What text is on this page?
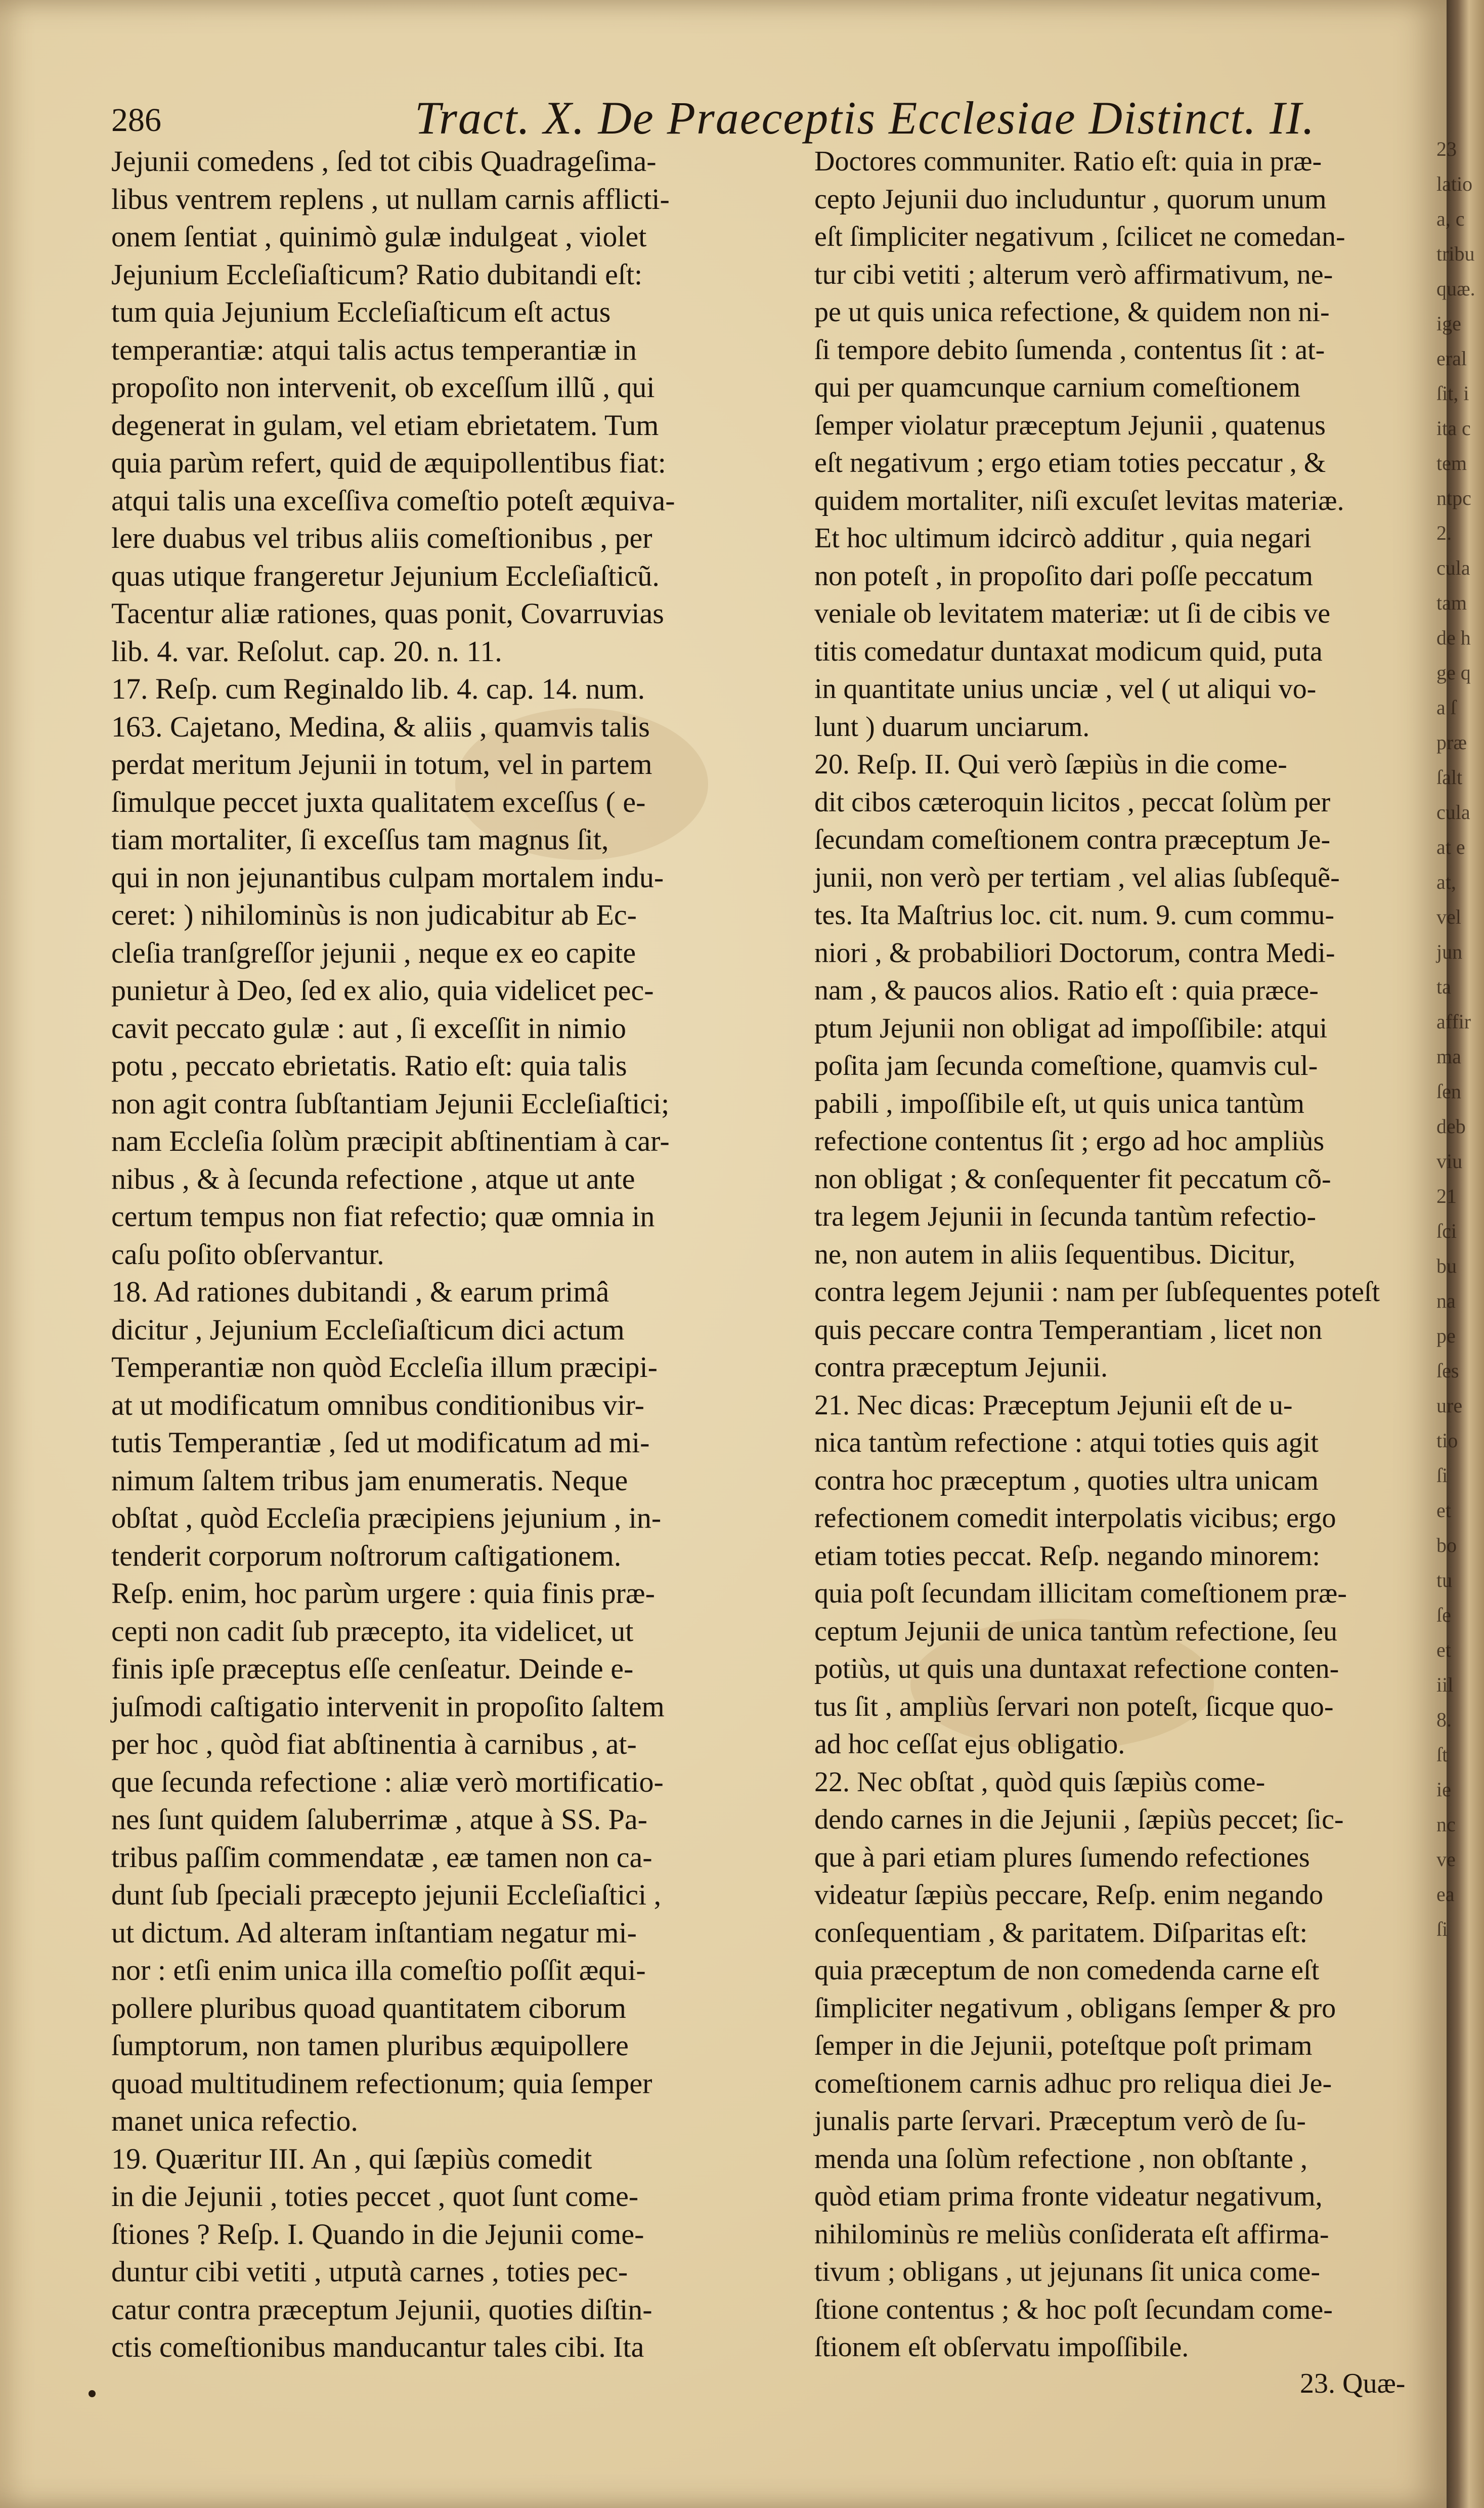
286	Tract. X. De Praeceptis Ecclesiae Distinct. II.
Jejunii comedens , ſed tot cibis Quadrageſima-
libus ventrem replens , ut nullam carnis afflicti-
onem ſentiat , quinimò gulæ indulgeat , violet
Jejunium Eccleſiaſticum? Ratio dubitandi eſt:
tum quia Jejunium Eccleſiaſticum eſt actus
temperantiæ: atqui talis actus temperantiæ in
propoſito non intervenit, ob exceſſum illũ , qui
degenerat in gulam, vel etiam ebrietatem. Tum
quia parùm refert, quid de æquipollentibus fiat:
atqui talis una exceſſiva comeſtio poteſt æquiva-
lere duabus vel tribus aliis comeſtionibus , per
quas utique frangeretur Jejunium Eccleſiaſticũ.
Tacentur aliæ rationes, quas ponit, Covarruvias
lib. 4. var. Reſolut. cap. 20. n. 11.
17. Reſp. cum Reginaldo lib. 4. cap. 14. num.
163. Cajetano, Medina, & aliis , quamvis talis
perdat meritum Jejunii in totum, vel in partem
ſimulque peccet juxta qualitatem exceſſus ( e-
tiam mortaliter, ſi exceſſus tam magnus ſit,
qui in non jejunantibus culpam mortalem indu-
ceret: ) nihilominùs is non judicabitur ab Ec-
cleſia tranſgreſſor jejunii , neque ex eo capite
punietur à Deo, ſed ex alio, quia videlicet pec-
cavit peccato gulæ : aut , ſi exceſſit in nimio
potu , peccato ebrietatis. Ratio eſt: quia talis
non agit contra ſubſtantiam Jejunii Eccleſiaſtici;
nam Eccleſia ſolùm præcipit abſtinentiam à car-
nibus , & à ſecunda refectione , atque ut ante
certum tempus non fiat refectio; quæ omnia in
caſu poſito obſervantur.
18. Ad rationes dubitandi , & earum primâ
dicitur , Jejunium Eccleſiaſticum dici actum
Temperantiæ non quòd Eccleſia illum præcipi-
at ut modificatum omnibus conditionibus vir-
tutis Temperantiæ , ſed ut modificatum ad mi-
nimum ſaltem tribus jam enumeratis. Neque
obſtat , quòd Eccleſia præcipiens jejunium , in-
tenderit corporum noſtrorum caſtigationem.
Reſp. enim, hoc parùm urgere : quia finis præ-
cepti non cadit ſub præcepto, ita videlicet, ut
finis ipſe præceptus eſſe cenſeatur. Deinde e-
juſmodi caſtigatio intervenit in propoſito ſaltem
per hoc , quòd fiat abſtinentia à carnibus , at-
que ſecunda refectione : aliæ verò mortificatio-
nes ſunt quidem ſaluberrimæ , atque à SS. Pa-
tribus paſſim commendatæ , eæ tamen non ca-
dunt ſub ſpeciali præcepto jejunii Eccleſiaſtici ,
ut dictum. Ad alteram inſtantiam negatur mi-
nor : etſi enim unica illa comeſtio poſſit æqui-
pollere pluribus quoad quantitatem ciborum
ſumptorum, non tamen pluribus æquipollere
quoad multitudinem refectionum; quia ſemper
manet unica refectio.
19. Quæritur III. An , qui ſæpiùs comedit
in die Jejunii , toties peccet , quot ſunt come-
ſtiones ? Reſp. I. Quando in die Jejunii come-
duntur cibi vetiti , utputà carnes , toties pec-
catur contra præceptum Jejunii, quoties diſtin-
ctis comeſtionibus manducantur tales cibi. Ita
Doctores communiter. Ratio eſt: quia in præ-
cepto Jejunii duo includuntur , quorum unum
eſt ſimpliciter negativum , ſcilicet ne comedan-
tur cibi vetiti ; alterum verò affirmativum, ne-
pe ut quis unica refectione, & quidem non ni-
ſi tempore debito ſumenda , contentus ſit : at-
qui per quamcunque carnium comeſtionem
ſemper violatur præceptum Jejunii , quatenus
eſt negativum ; ergo etiam toties peccatur , &
quidem mortaliter, niſi excuſet levitas materiæ.
Et hoc ultimum idcircò additur , quia negari
non poteſt , in propoſito dari poſſe peccatum
veniale ob levitatem materiæ: ut ſi de cibis ve
titis comedatur duntaxat modicum quid, puta
in quantitate unius unciæ , vel ( ut aliqui vo-
lunt ) duarum unciarum.
20. Reſp. II. Qui verò ſæpiùs in die come-
dit cibos cæteroquin licitos , peccat ſolùm per
ſecundam comeſtionem contra præceptum Je-
junii, non verò per tertiam , vel alias ſubſequẽ-
tes. Ita Maſtrius loc. cit. num. 9. cum commu-
niori , & probabiliori Doctorum, contra Medi-
nam , & paucos alios. Ratio eſt : quia præce-
ptum Jejunii non obligat ad impoſſibile: atqui
poſita jam ſecunda comeſtione, quamvis cul-
pabili , impoſſibile eſt, ut quis unica tantùm
refectione contentus ſit ; ergo ad hoc ampliùs
non obligat ; & conſequenter fit peccatum cõ-
tra legem Jejunii in ſecunda tantùm refectio-
ne, non autem in aliis ſequentibus. Dicitur,
contra legem Jejunii : nam per ſubſequentes poteſt
quis peccare contra Temperantiam , licet non
contra præceptum Jejunii.
21. Nec dicas: Præceptum Jejunii eſt de u-
nica tantùm refectione : atqui toties quis agit
contra hoc præceptum , quoties ultra unicam
refectionem comedit interpolatis vicibus; ergo
etiam toties peccat. Reſp. negando minorem:
quia poſt ſecundam illicitam comeſtionem præ-
ceptum Jejunii de unica tantùm refectione, ſeu
potiùs, ut quis una duntaxat refectione conten-
tus ſit , ampliùs ſervari non poteſt, ſicque quo-
ad hoc ceſſat ejus obligatio.
22. Nec obſtat , quòd quis ſæpiùs come-
dendo carnes in die Jejunii , ſæpiùs peccet; ſic-
que à pari etiam plures ſumendo refectiones
videatur ſæpiùs peccare, Reſp. enim negando
conſequentiam , & paritatem. Diſparitas eſt:
quia præceptum de non comedenda carne eſt
ſimpliciter negativum , obligans ſemper & pro
ſemper in die Jejunii, poteſtque poſt primam
comeſtionem carnis adhuc pro reliqua diei Je-
junalis parte ſervari. Præceptum verò de ſu-
menda una ſolùm refectione , non obſtante ,
quòd etiam prima fronte videatur negativum,
nihilominùs re meliùs conſiderata eſt affirma-
tivum ; obligans , ut jejunans ſit unica come-
ſtione contentus ; & hoc poſt ſecundam come-
ſtionem eſt obſervatu impoſſibile.
23. Quæ-
23
latio
a, c
tribu
quæ.
ige
eral
ſit, i
ita c
tem
ntpc
2.
cula
tam
de h
ge q
a ſ
præ
ſalt
cula
at e
at,
vel
jun
ta
affir
ma
ſen
deb
viu
21
ſci
bu
na
pe
ſes
ure
tio
ſi
et
bo
tu
ſe
et
iil
8.
ſt
ie
nc
ve
ea
ſi
